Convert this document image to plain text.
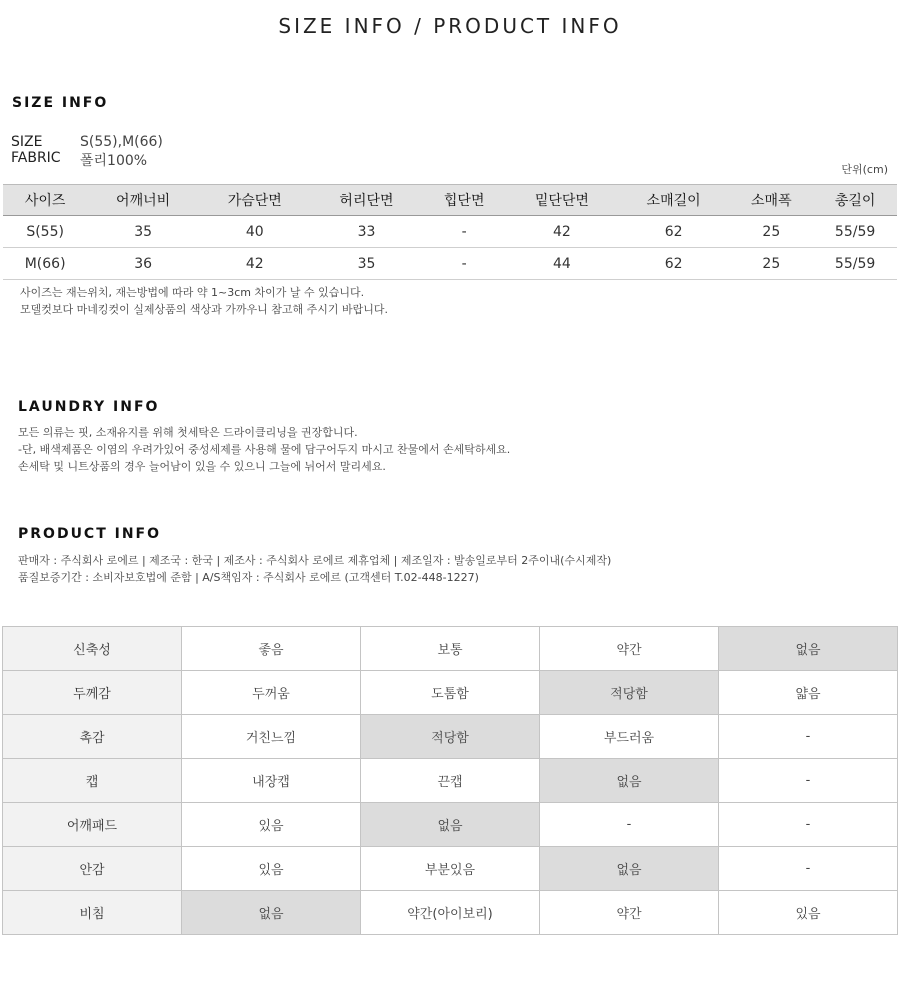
SIZE INFO / PRODUCT INFO
SIZE INFO
SIZE	S(55),M(66)
FABRIC	폴리100%
단위(cm)
사이즈	어깨너비	가슴단면	허리단면	힙단면	밑단단면	소매길이	소매폭	총길이
S(55)	35	40	33	-	42	62	25	55/59
M(66)	36	42	35	-	44	62	25	55/59
사이즈는 재는위치, 재는방법에 따라 약 1~3cm 차이가 날 수 있습니다.
모델컷보다 마네킹컷이 실제상품의 색상과 가까우니 참고해 주시기 바랍니다.
LAUNDRY INFO
모든 의류는 핏, 소재유지를 위해 첫세탁은 드라이클리닝을 권장합니다.
-단, 배색제품은 이염의 우려가있어 중성세제를 사용해 물에 담구어두지 마시고 찬물에서 손세탁하세요.
손세탁 및 니트상품의 경우 늘어남이 있을 수 있으니 그늘에 뉘어서 말리세요.
PRODUCT INFO
판매자 : 주식회사 로에르 | 제조국 : 한국 | 제조사 : 주식회사 로에르 제휴업체 | 제조일자 : 발송일로부터 2주이내(수시제작)
품질보증기간 : 소비자보호법에 준함 | A/S책임자 : 주식회사 로에르 (고객센터 T.02-448-1227)
신축성	좋음	보통	약간	없음
두께감	두꺼움	도톰함	적당함	얇음
촉감	거친느낌	적당함	부드러움	-
캡	내장캡	끈캡	없음	-
어깨패드	있음	없음	-	-
안감	있음	부분있음	없음	-
비침	없음	약간(아이보리)	약간	있음
